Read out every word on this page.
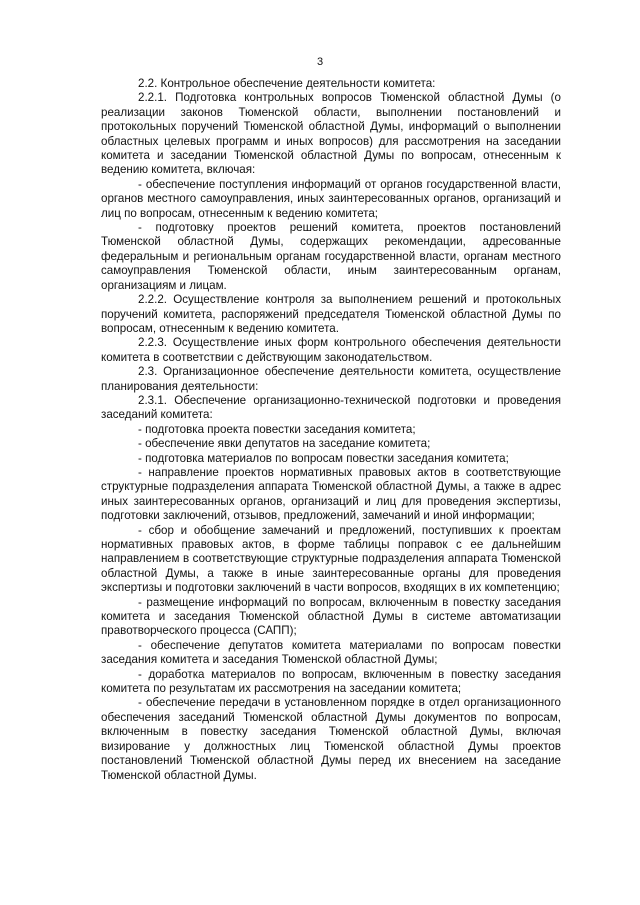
3

2.2. Контрольное обеспечение деятельности комитета:

2.2.1. Подготовка контрольных вопросов Тюменской областной Думы (о реализации законов Тюменской области, выполнении постановлений и протокольных поручений Тюменской областной Думы, информаций о выполнении областных целевых программ и иных вопросов) для рассмотрения на заседании комитета и заседании Тюменской областной Думы по вопросам, отнесенным к ведению комитета, включая:

- обеспечение поступления информаций от органов государственной власти, органов местного самоуправления, иных заинтересованных органов, организаций и лиц по вопросам, отнесенным к ведению комитета;

- подготовку проектов решений комитета, проектов постановлений Тюменской областной Думы, содержащих рекомендации, адресованные федеральным и региональным органам государственной власти, органам местного самоуправления Тюменской области, иным заинтересованным органам, организациям и лицам.

2.2.2. Осуществление контроля за выполнением решений и протокольных поручений комитета, распоряжений председателя Тюменской областной Думы по вопросам, отнесенным к ведению комитета.

2.2.3. Осуществление иных форм контрольного обеспечения деятельности комитета в соответствии с действующим законодательством.

2.3. Организационное обеспечение деятельности комитета, осуществление планирования деятельности:

2.3.1. Обеспечение организационно-технической подготовки и проведения заседаний комитета:

- подготовка проекта повестки заседания комитета;

- обеспечение явки депутатов на заседание комитета;

- подготовка материалов по вопросам повестки заседания комитета;

- направление проектов нормативных правовых актов в соответствующие структурные подразделения аппарата Тюменской областной Думы, а также в адрес иных заинтересованных органов, организаций и лиц для проведения экспертизы, подготовки заключений, отзывов, предложений, замечаний и иной информации;

- сбор и обобщение замечаний и предложений, поступивших к проектам нормативных правовых актов, в форме таблицы поправок с ее дальнейшим направлением в соответствующие структурные подразделения аппарата Тюменской областной Думы, а также в иные заинтересованные органы для проведения экспертизы и подготовки заключений в части вопросов, входящих в их компетенцию;

- размещение информаций по вопросам, включенным в повестку заседания комитета и заседания Тюменской областной Думы в системе автоматизации правотворческого процесса (САПП);

- обеспечение депутатов комитета материалами по вопросам повестки заседания комитета и заседания Тюменской областной Думы;

- доработка материалов по вопросам, включенным в повестку заседания комитета по результатам их рассмотрения на заседании комитета;

- обеспечение передачи в установленном порядке в отдел организационного обеспечения заседаний Тюменской областной Думы документов по вопросам, включенным в повестку заседания Тюменской областной Думы, включая визирование у должностных лиц Тюменской областной Думы проектов постановлений Тюменской областной Думы перед их внесением на заседание Тюменской областной Думы.
